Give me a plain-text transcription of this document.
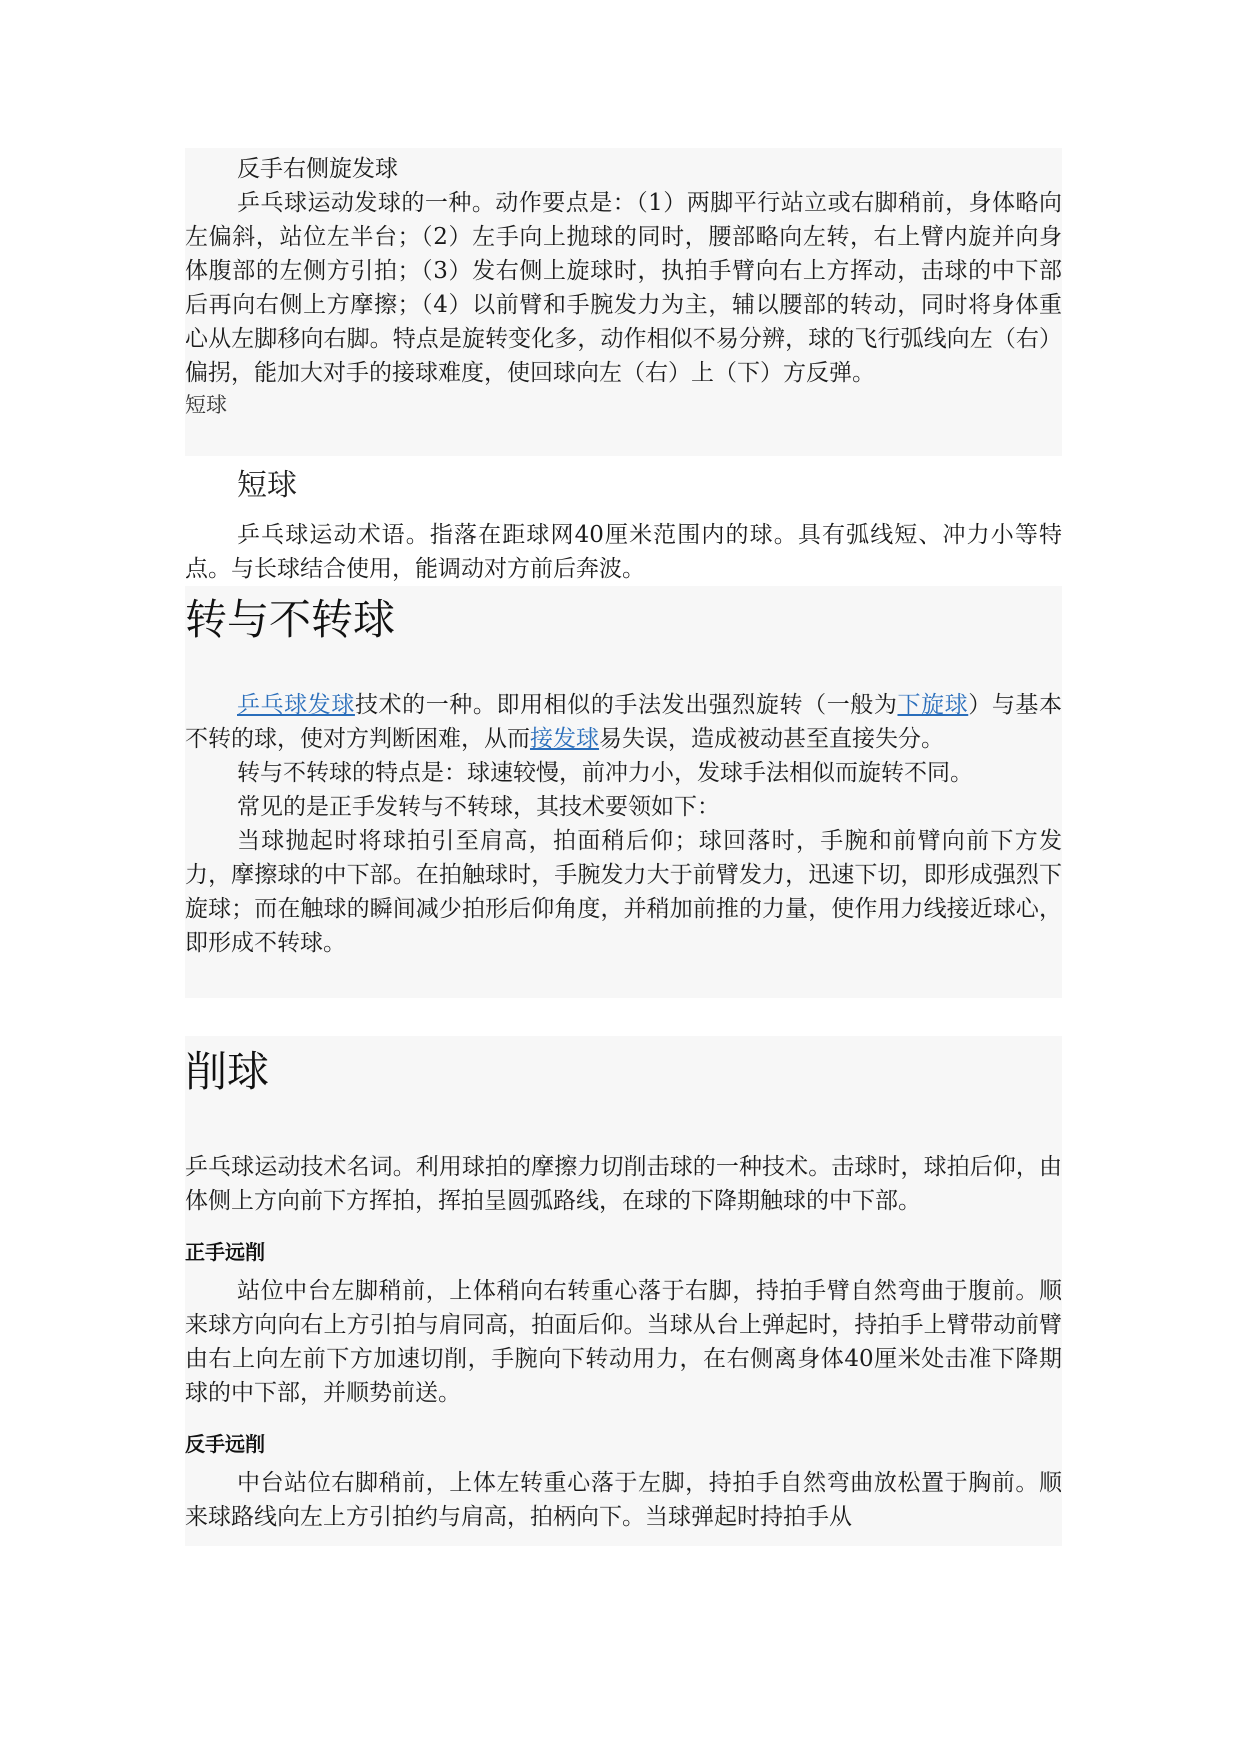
反手右侧旋发球

乒乓球运动发球的一种。动作要点是：（1）两脚平行站立或右脚稍前，身体略向左偏斜，站位左半台；（2）左手向上抛球的同时，腰部略向左转，右上臂内旋并向身体腹部的左侧方引拍；（3）发右侧上旋球时，执拍手臂向右上方挥动，击球的中下部后再向右侧上方摩擦；（4）以前臂和手腕发力为主，辅以腰部的转动，同时将身体重心从左脚移向右脚。特点是旋转变化多，动作相似不易分辨，球的飞行弧线向左（右）偏拐，能加大对手的接球难度，使回球向左（右）上（下）方反弹。

短球

短球

乒乓球运动术语。指落在距球网40厘米范围内的球。具有弧线短、冲力小等特点。与长球结合使用，能调动对方前后奔波。

转与不转球

乒乓球发球技术的一种。即用相似的手法发出强烈旋转（一般为下旋球）与基本不转的球，使对方判断困难，从而接发球易失误，造成被动甚至直接失分。

转与不转球的特点是：球速较慢，前冲力小，发球手法相似而旋转不同。

常见的是正手发转与不转球，其技术要领如下：

当球抛起时将球拍引至肩高，拍面稍后仰；球回落时，手腕和前臂向前下方发力，摩擦球的中下部。在拍触球时，手腕发力大于前臂发力，迅速下切，即形成强烈下旋球；而在触球的瞬间减少拍形后仰角度，并稍加前推的力量，使作用力线接近球心，即形成不转球。

削球

乒乓球运动技术名词。利用球拍的摩擦力切削击球的一种技术。击球时，球拍后仰，由体侧上方向前下方挥拍，挥拍呈圆弧路线，在球的下降期触球的中下部。

正手远削

站位中台左脚稍前，上体稍向右转重心落于右脚，持拍手臂自然弯曲于腹前。顺来球方向向右上方引拍与肩同高，拍面后仰。当球从台上弹起时，持拍手上臂带动前臂由右上向左前下方加速切削，手腕向下转动用力，在右侧离身体40厘米处击准下降期球的中下部，并顺势前送。

反手远削

中台站位右脚稍前，上体左转重心落于左脚，持拍手自然弯曲放松置于胸前。顺来球路线向左上方引拍约与肩高，拍柄向下。当球弹起时持拍手从
